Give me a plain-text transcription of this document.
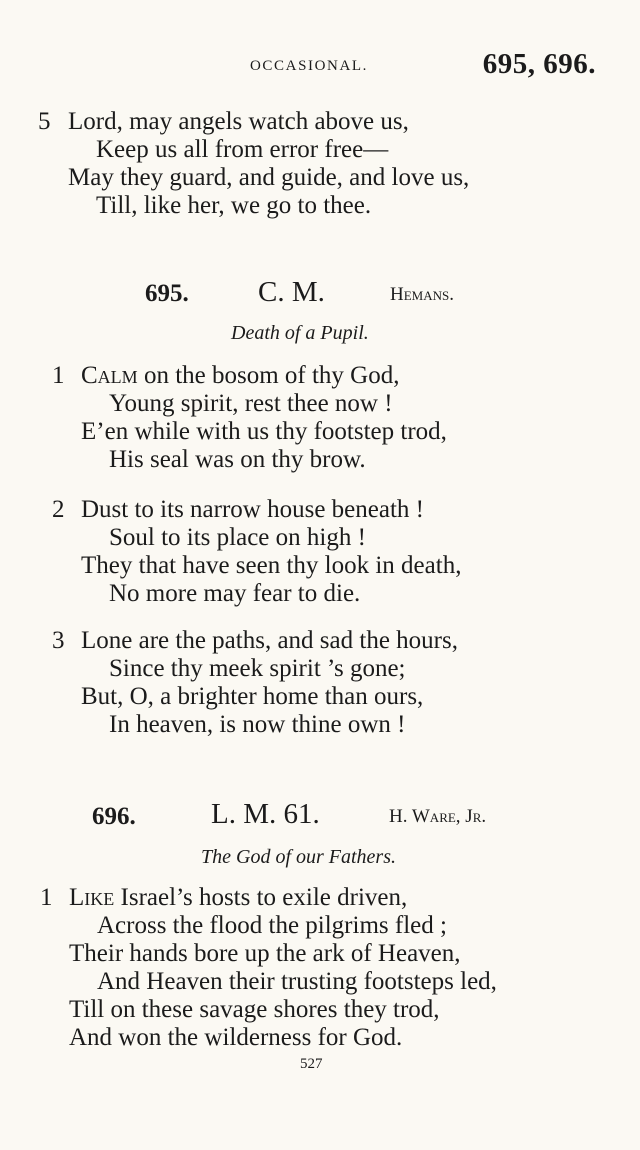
OCCASIONAL.	695, 696.
5 Lord, may angels watch above us,
Keep us all from error free—
May they guard, and guide, and love us,
Till, like her, we go to thee.
695. C. M.	Hemans.
Death of a Pupil.
1 Calm on the bosom of thy God,
Young spirit, rest thee now !
E’en while with us thy footstep trod,
His seal was on thy brow.
2 Dust to its narrow house beneath !
Soul to its place on high !
They that have seen thy look in death,
No more may fear to die.
3 Lone are the paths, and sad the hours,
Since thy meek spirit ’s gone;
But, O, a brighter home than ours,
In heaven, is now thine own !
696.	L. M. 61.	H. Ware, Jr.
The God of our Fathers.
1 Like Israel’s hosts to exile driven,
Across the flood the pilgrims fled ;
Their hands bore up the ark of Heaven,
And Heaven their trusting footsteps led,
Till on these savage shores they trod,
And won the wilderness for God.
527
